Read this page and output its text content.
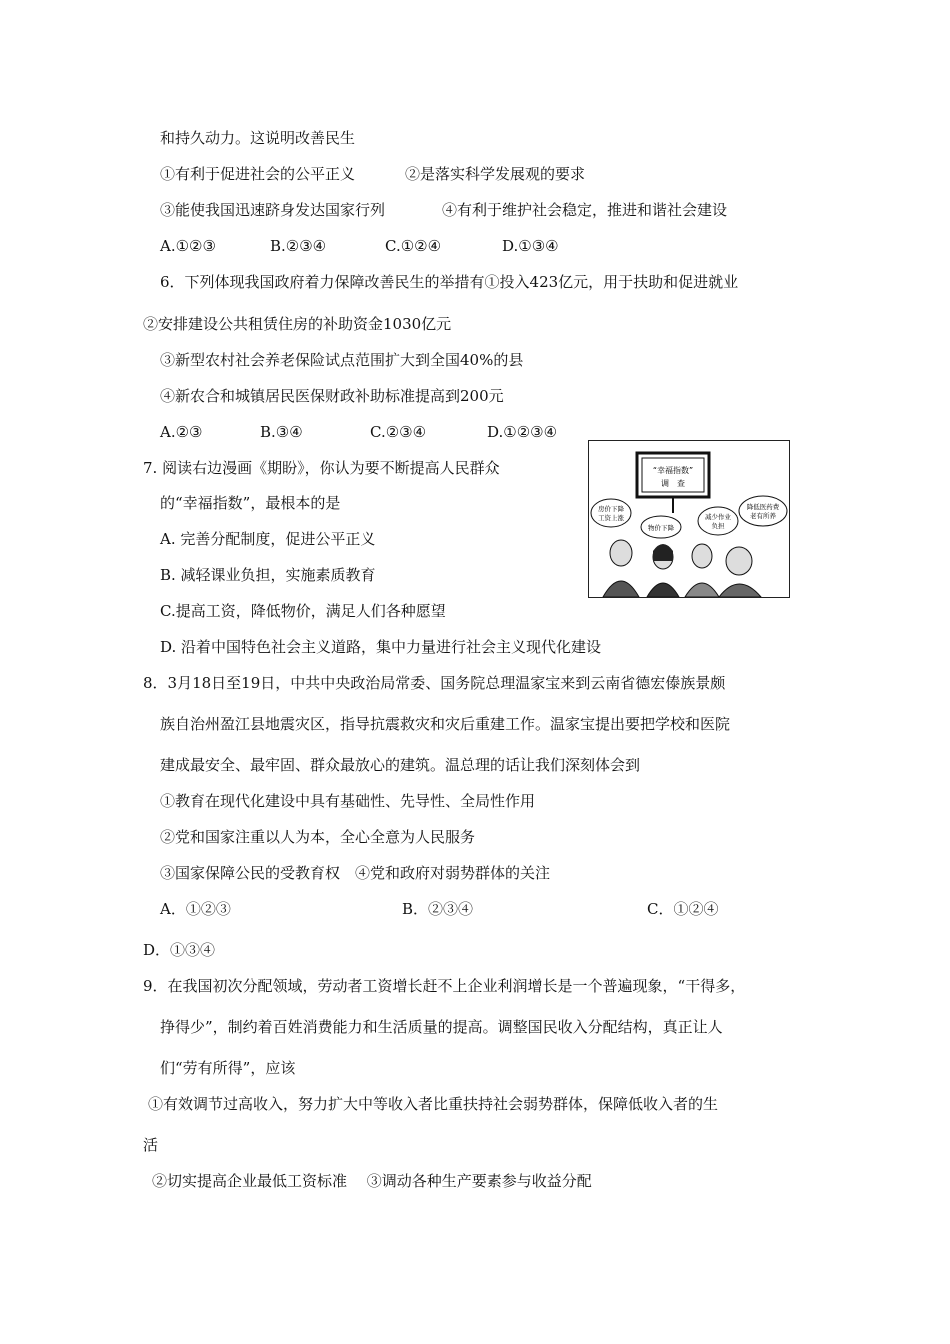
和持久动力。这说明改善民生
①有利于促进社会的公平正义	②是落实科学发展观的要求
③能使我国迅速跻身发达国家行列	④有利于维护社会稳定，推进和谐社会建设
A.①②③	B.②③④	C.①②④	D.①③④
6．下列体现我国政府着力保障改善民生的举措有①投入423亿元，用于扶助和促进就业
②安排建设公共租赁住房的补助资金1030亿元
③新型农村社会养老保险试点范围扩大到全国40%的县
④新农合和城镇居民医保财政补助标准提高到200元
A.②③	B.③④	C.②③④	D.①②③④
7. 阅读右边漫画《期盼》，你认为要不断提高人民群众
的“幸福指数”，最根本的是
A. 完善分配制度，促进公平正义
B. 减轻课业负担，实施素质教育
C.提高工资，降低物价，满足人们各种愿望
D. 沿着中国特色社会主义道路，集中力量进行社会主义现代化建设
“幸福指数”
调　查
房价下降
工资上涨
物价下降
减少作业
负担
降低医药费
老有所养
8．3月18日至19日，中共中央政治局常委、国务院总理温家宝来到云南省德宏傣族景颇
族自治州盈江县地震灾区，指导抗震救灾和灾后重建工作。温家宝提出要把学校和医院
建成最安全、最牢固、群众最放心的建筑。温总理的话让我们深刻体会到
①教育在现代化建设中具有基础性、先导性、全局性作用
②党和国家注重以人为本，全心全意为人民服务
③国家保障公民的受教育权　④党和政府对弱势群体的关注
A．①②③	B．②③④	C．①②④
D．①③④
9．在我国初次分配领域，劳动者工资增长赶不上企业利润增长是一个普遍现象，“干得多，
挣得少”，制约着百姓消费能力和生活质量的提高。调整国民收入分配结构，真正让人
们“劳有所得”，应该
①有效调节过高收入，努力扩大中等收入者比重扶持社会弱势群体，保障低收入者的生
活
②切实提高企业最低工资标准　 ③调动各种生产要素参与收益分配
